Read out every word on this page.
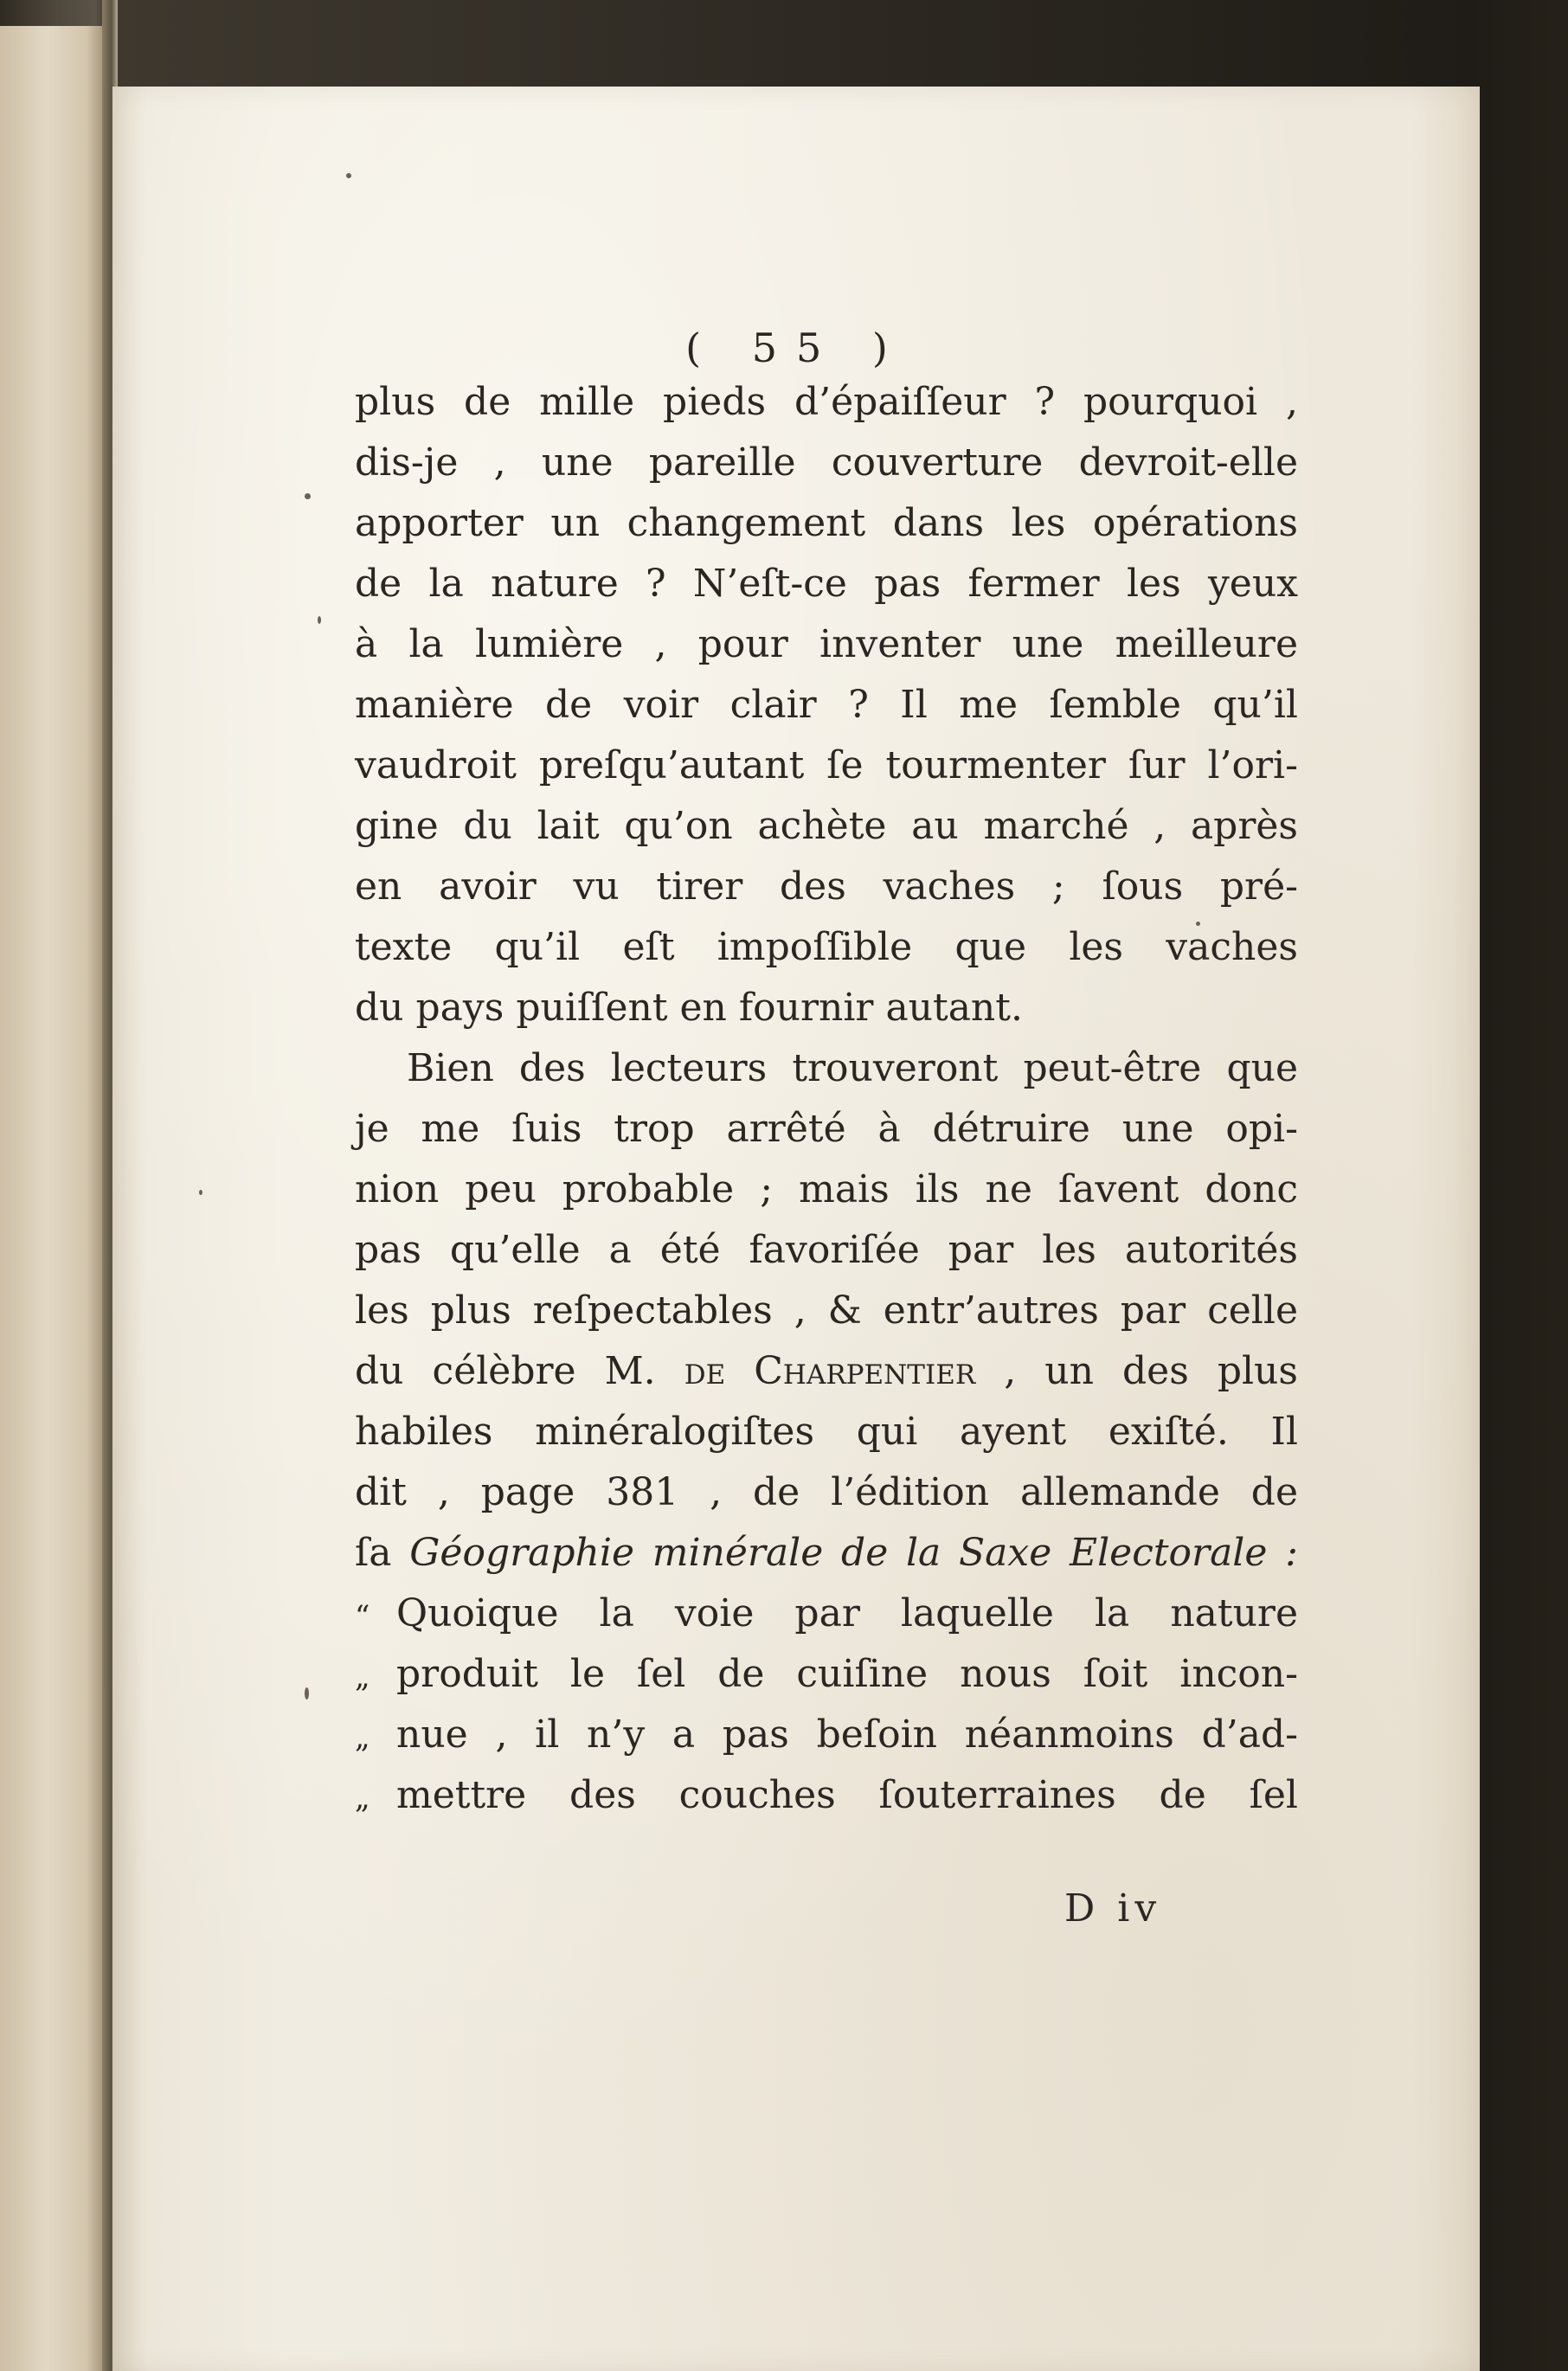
( 55 )
plus de mille pieds d’épaiſſeur ? pourquoi ,
dis-je , une pareille couverture devroit-elle
apporter un changement dans les opérations
de la nature ? N’eſt-ce pas fermer les yeux
à la lumière , pour inventer une meilleure
manière de voir clair ? Il me ſemble qu’il
vaudroit preſqu’autant ſe tourmenter ſur l’ori-
gine du lait qu’on achète au marché , après
en avoir vu tirer des vaches ; ſous pré-
texte qu’il eſt impoſſible que les vaches
du pays puiſſent en fournir autant.
Bien des lecteurs trouveront peut-être que
je me ſuis trop arrêté à détruire une opi-
nion peu probable ; mais ils ne ſavent donc
pas qu’elle a été favoriſée par les autorités
les plus reſpectables , & entr’autres par celle
du célèbre M. de Charpentier , un des plus
habiles minéralogiſtes qui ayent exiſté. Il
dit , page 381 , de l’édition allemande de
ſa Géographie minérale de la Saxe Electorale :
“ Quoique la voie par laquelle la nature
„ produit le ſel de cuiſine nous ſoit incon-
„ nue , il n’y a pas beſoin néanmoins d’ad-
„ mettre des couches ſouterraines de ſel
D iv
